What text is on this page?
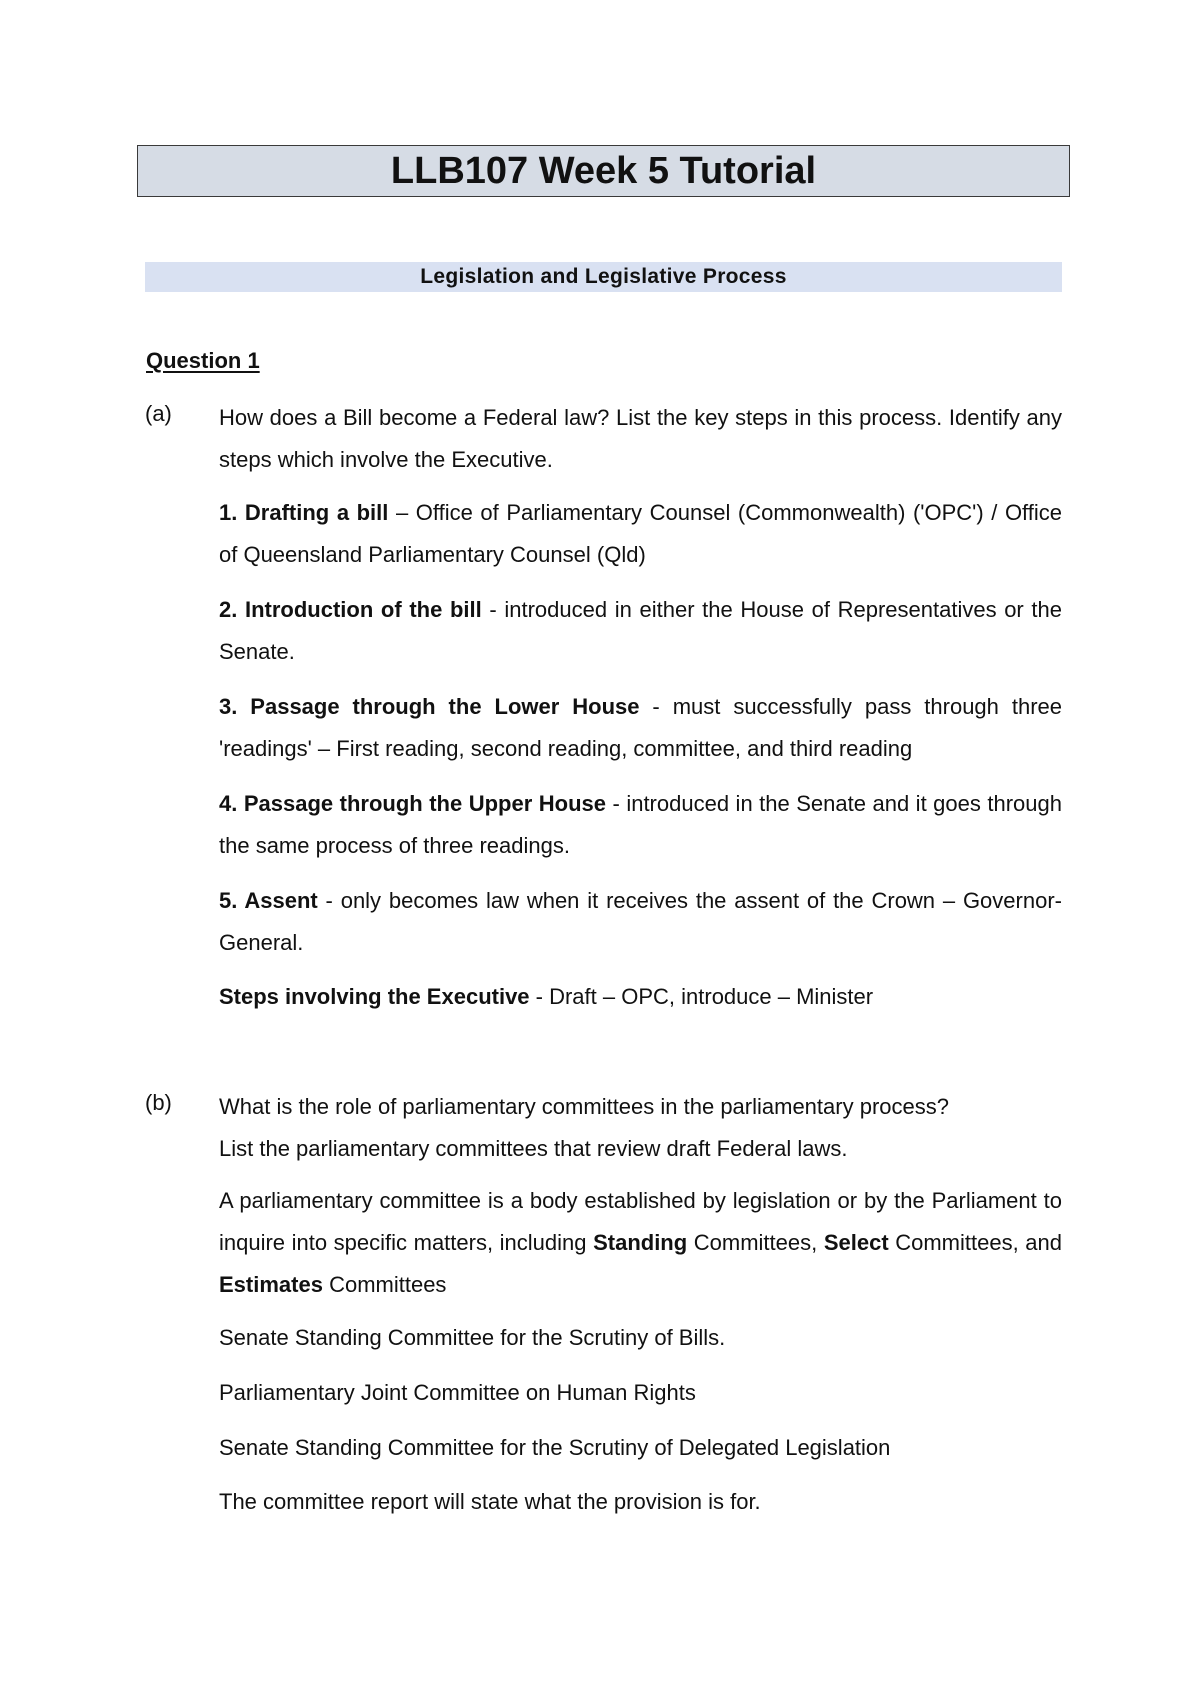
LLB107 Week 5 Tutorial
Legislation and Legislative Process
Question 1
(a) How does a Bill become a Federal law? List the key steps in this process. Identify any steps which involve the Executive.
1. Drafting a bill – Office of Parliamentary Counsel (Commonwealth) ('OPC') / Office of Queensland Parliamentary Counsel (Qld)
2. Introduction of the bill - introduced in either the House of Representatives or the Senate.
3. Passage through the Lower House - must successfully pass through three 'readings' – First reading, second reading, committee, and third reading
4. Passage through the Upper House - introduced in the Senate and it goes through the same process of three readings.
5. Assent - only becomes law when it receives the assent of the Crown – Governor-General.
Steps involving the Executive - Draft – OPC, introduce – Minister
(b) What is the role of parliamentary committees in the parliamentary process?
List the parliamentary committees that review draft Federal laws.
A parliamentary committee is a body established by legislation or by the Parliament to inquire into specific matters, including Standing Committees, Select Committees, and Estimates Committees
Senate Standing Committee for the Scrutiny of Bills.
Parliamentary Joint Committee on Human Rights
Senate Standing Committee for the Scrutiny of Delegated Legislation
The committee report will state what the provision is for.
